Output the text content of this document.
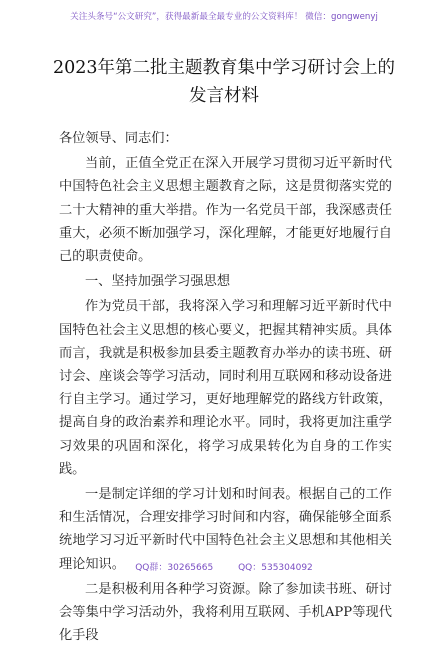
关注头条号“公文研究”，获得最新最全最专业的公文资料库！ 微信：gongwenyj
2023年第二批主题教育集中学习研讨会上的
发言材料

各位领导、同志们：

当前，正值全党正在深入开展学习贯彻习近平新时代中国特色社会主义思想主题教育之际，这是贯彻落实党的二十大精神的重大举措。作为一名党员干部，我深感责任重大，必须不断加强学习，深化理解，才能更好地履行自己的职责使命。

一、坚持加强学习强思想

作为党员干部，我将深入学习和理解习近平新时代中国特色社会主义思想的核心要义，把握其精神实质。具体而言，我就是积极参加县委主题教育办举办的读书班、研讨会、座谈会等学习活动，同时利用互联网和移动设备进行自主学习。通过学习，更好地理解党的路线方针政策，提高自身的政治素养和理论水平。同时，我将更加注重学习效果的巩固和深化，将学习成果转化为自身的工作实践。

一是制定详细的学习计划和时间表。根据自己的工作和生活情况，合理安排学习时间和内容，确保能够全面系统地学习习近平新时代中国特色社会主义思想和其他相关理论知识。

二是积极利用各种学习资源。除了参加读书班、研讨会等集中学习活动外，我将利用互联网、手机APP等现代化手段

QQ群：30265665	QQ：535304092
